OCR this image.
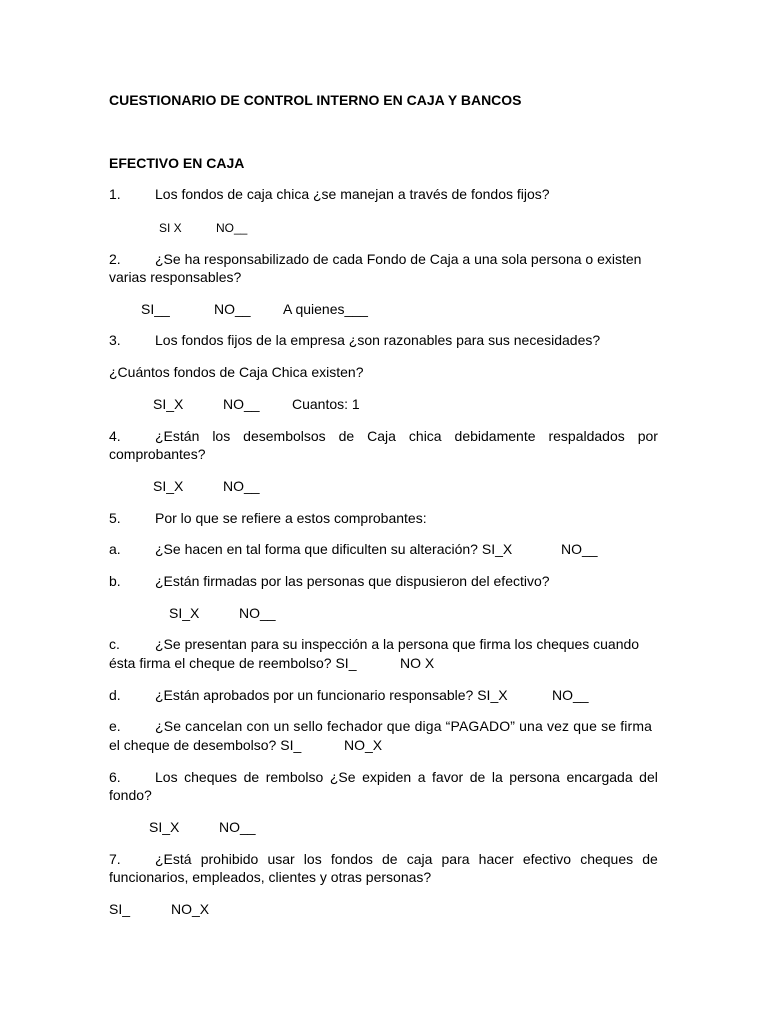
CUESTIONARIO DE CONTROL INTERNO EN CAJA Y BANCOS
EFECTIVO EN CAJA
1. Los fondos de caja chica ¿se manejan a través de fondos fijos?
SI X	NO__
2. ¿Se ha responsabilizado de cada Fondo de Caja a una sola persona o existen
varias responsables?
SI__	NO__ A quienes___
3. Los fondos fijos de la empresa ¿son razonables para sus necesidades?
¿Cuántos fondos de Caja Chica existen?
SI_X	NO__ Cuantos: 1
4. ¿Están los desembolsos de Caja chica debidamente respaldados por
comprobantes?
SI_X	NO__
5. Por lo que se refiere a estos comprobantes:
a. ¿Se hacen en tal forma que dificulten su alteración? SI_X	NO__
b. ¿Están firmadas por las personas que dispusieron del efectivo?
SI_X	NO__
c.	¿Se presentan para su inspección a la persona que firma los cheques cuando
ésta firma el cheque de reembolso? SI_	NO X
d. ¿Están aprobados por un funcionario responsable? SI_X	NO__
e. ¿Se cancelan con un sello fechador que diga “PAGADO” una vez que se firma
el cheque de desembolso? SI_	NO_X
6. Los cheques de rembolso ¿Se expiden a favor de la persona encargada del
fondo?
SI_X	NO__
7. ¿Está prohibido usar los fondos de caja para hacer efectivo cheques de
funcionarios, empleados, clientes y otras personas?
SI_	NO_X
